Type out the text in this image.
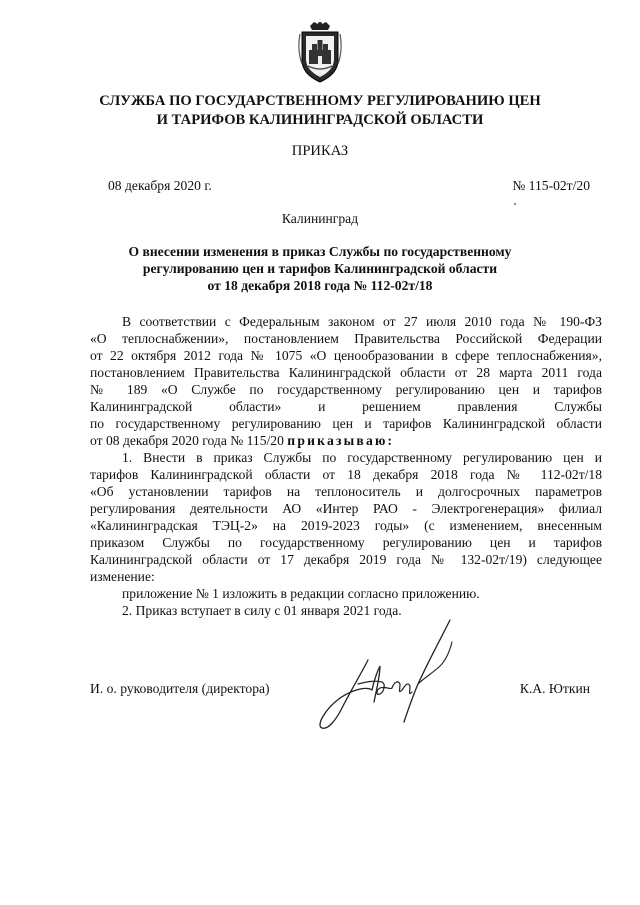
СЛУЖБА ПО ГОСУДАРСТВЕННОМУ РЕГУЛИРОВАНИЮ ЦЕН
И ТАРИФОВ КАЛИНИНГРАДСКОЙ ОБЛАСТИ
ПРИКАЗ
08 декабря 2020 г.	№ 115-02т/20
Калининград
О внесении изменения в приказ Службы по государственному
регулированию цен и тарифов Калининградской области
от 18 декабря 2018 года № 112-02т/18
В соответствии с Федеральным законом от 27 июля 2010 года № 190-ФЗ
«О теплоснабжении», постановлением Правительства Российской Федерации
от 22 октября 2012 года № 1075 «О ценообразовании в сфере теплоснабжения»,
постановлением Правительства Калининградской области от 28 марта 2011 года
№ 189 «О Службе по государственному регулированию цен и тарифов
Калининградской области» и решением правления Службы
по государственному регулированию цен и тарифов Калининградской области
от 08 декабря 2020 года № 115/20 приказываю:
1. Внести в приказ Службы по государственному регулированию цен и
тарифов Калининградской области от 18 декабря 2018 года № 112-02т/18
«Об установлении тарифов на теплоноситель и долгосрочных параметров
регулирования деятельности АО «Интер РАО - Электрогенерация» филиал
«Калининградская ТЭЦ-2» на 2019-2023 годы» (с изменением, внесенным
приказом Службы по государственному регулированию цен и тарифов
Калининградской области от 17 декабря 2019 года № 132-02т/19) следующее
изменение:
приложение № 1 изложить в редакции согласно приложению.
2. Приказ вступает в силу с 01 января 2021 года.
И. о. руководителя (директора)	К.А. Юткин
